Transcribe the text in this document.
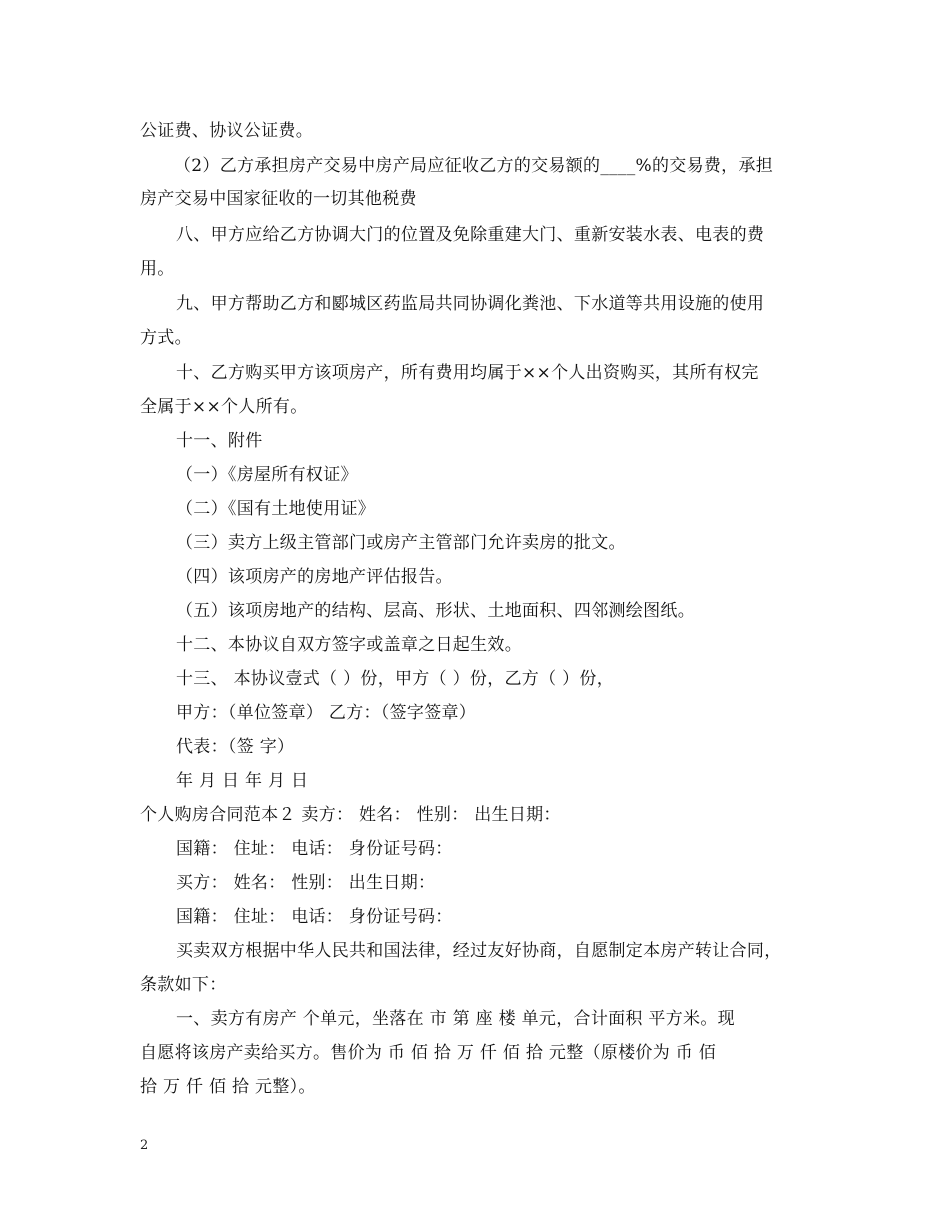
公证费、协议公证费。
（2）乙方承担房产交易中房产局应征收乙方的交易额的____%的交易费，承担
房产交易中国家征收的一切其他税费
八、甲方应给乙方协调大门的位置及免除重建大门、重新安装水表、电表的费
用。
九、甲方帮助乙方和郾城区药监局共同协调化粪池、下水道等共用设施的使用
方式。
十、乙方购买甲方该项房产，所有费用均属于××个人出资购买，其所有权完
全属于××个人所有。
十一、附件
（一）《房屋所有权证》
（二）《国有土地使用证》
（三）卖方上级主管部门或房产主管部门允许卖房的批文。
（四）该项房产的房地产评估报告。
（五）该项房地产的结构、层高、形状、土地面积、四邻测绘图纸。
十二、本协议自双方签字或盖章之日起生效。
十三、 本协议壹式（ ）份，甲方（ ）份，乙方（ ）份，
甲方：（单位签章） 乙方：（签字签章）
代表：（签 字）
年 月 日 年 月 日
个人购房合同范本２ 卖方： 姓名： 性别： 出生日期：
国籍： 住址： 电话： 身份证号码：
买方： 姓名： 性别： 出生日期：
国籍： 住址： 电话： 身份证号码：
买卖双方根据中华人民共和国法律，经过友好协商，自愿制定本房产转让合同，
条款如下：
一、卖方有房产 个单元，坐落在 市 第 座 楼 单元，合计面积 平方米。现
自愿将该房产卖给买方。售价为 币 佰 拾 万 仟 佰 拾 元整（原楼价为 币 佰
拾 万 仟 佰 拾 元整）。
2
